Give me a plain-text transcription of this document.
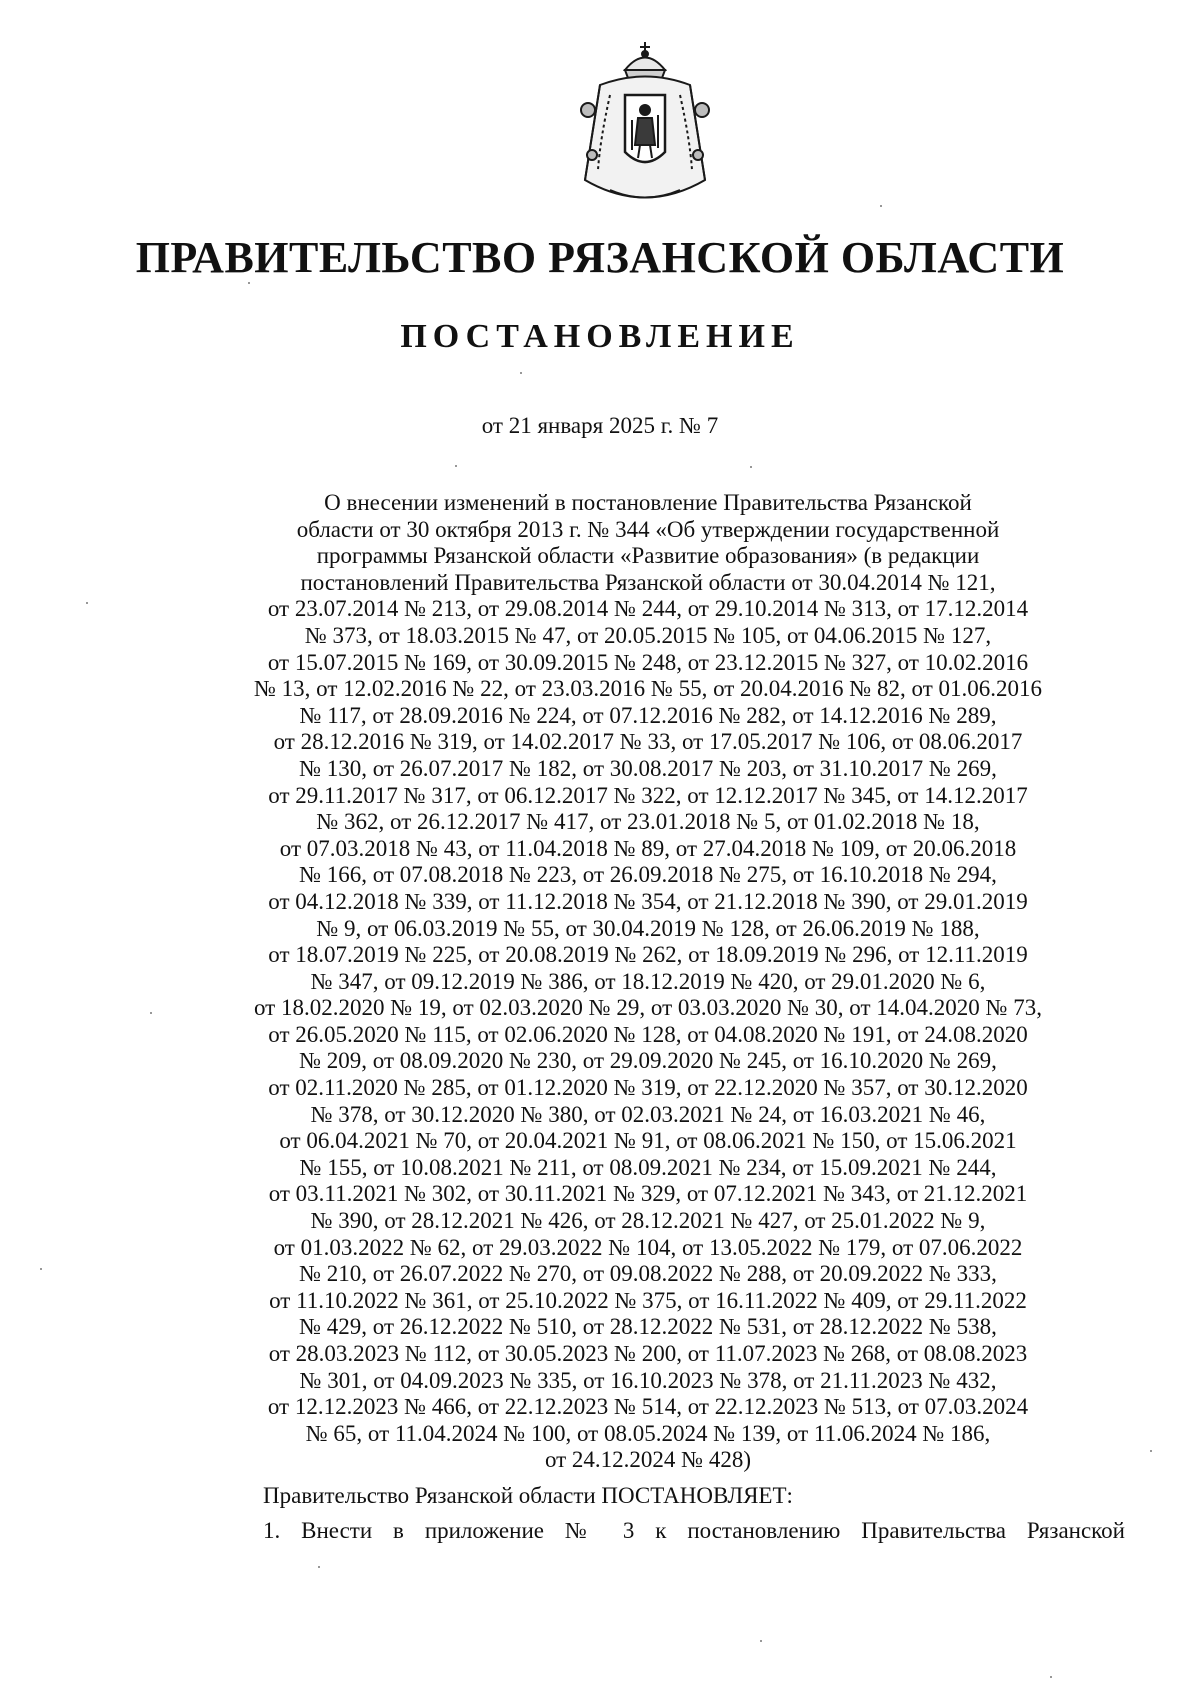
ПРАВИТЕЛЬСТВО РЯЗАНСКОЙ ОБЛАСТИ
ПОСТАНОВЛЕНИЕ
от 21 января 2025 г. № 7
О внесении изменений в постановление Правительства Рязанской
области от 30 октября 2013 г. № 344 «Об утверждении государственной
программы Рязанской области «Развитие образования» (в редакции
постановлений Правительства Рязанской области от 30.04.2014 № 121,
от 23.07.2014 № 213, от 29.08.2014 № 244, от 29.10.2014 № 313, от 17.12.2014
№ 373, от 18.03.2015 № 47, от 20.05.2015 № 105, от 04.06.2015 № 127,
от 15.07.2015 № 169, от 30.09.2015 № 248, от 23.12.2015 № 327, от 10.02.2016
№ 13, от 12.02.2016 № 22, от 23.03.2016 № 55, от 20.04.2016 № 82, от 01.06.2016
№ 117, от 28.09.2016 № 224, от 07.12.2016 № 282, от 14.12.2016 № 289,
от 28.12.2016 № 319, от 14.02.2017 № 33, от 17.05.2017 № 106, от 08.06.2017
№ 130, от 26.07.2017 № 182, от 30.08.2017 № 203, от 31.10.2017 № 269,
от 29.11.2017 № 317, от 06.12.2017 № 322, от 12.12.2017 № 345, от 14.12.2017
№ 362, от 26.12.2017 № 417, от 23.01.2018 № 5, от 01.02.2018 № 18,
от 07.03.2018 № 43, от 11.04.2018 № 89, от 27.04.2018 № 109, от 20.06.2018
№ 166, от 07.08.2018 № 223, от 26.09.2018 № 275, от 16.10.2018 № 294,
от 04.12.2018 № 339, от 11.12.2018 № 354, от 21.12.2018 № 390, от 29.01.2019
№ 9, от 06.03.2019 № 55, от 30.04.2019 № 128, от 26.06.2019 № 188,
от 18.07.2019 № 225, от 20.08.2019 № 262, от 18.09.2019 № 296, от 12.11.2019
№ 347, от 09.12.2019 № 386, от 18.12.2019 № 420, от 29.01.2020 № 6,
от 18.02.2020 № 19, от 02.03.2020 № 29, от 03.03.2020 № 30, от 14.04.2020 № 73,
от 26.05.2020 № 115, от 02.06.2020 № 128, от 04.08.2020 № 191, от 24.08.2020
№ 209, от 08.09.2020 № 230, от 29.09.2020 № 245, от 16.10.2020 № 269,
от 02.11.2020 № 285, от 01.12.2020 № 319, от 22.12.2020 № 357, от 30.12.2020
№ 378, от 30.12.2020 № 380, от 02.03.2021 № 24, от 16.03.2021 № 46,
от 06.04.2021 № 70, от 20.04.2021 № 91, от 08.06.2021 № 150, от 15.06.2021
№ 155, от 10.08.2021 № 211, от 08.09.2021 № 234, от 15.09.2021 № 244,
от 03.11.2021 № 302, от 30.11.2021 № 329, от 07.12.2021 № 343, от 21.12.2021
№ 390, от 28.12.2021 № 426, от 28.12.2021 № 427, от 25.01.2022 № 9,
от 01.03.2022 № 62, от 29.03.2022 № 104, от 13.05.2022 № 179, от 07.06.2022
№ 210, от 26.07.2022 № 270, от 09.08.2022 № 288, от 20.09.2022 № 333,
от 11.10.2022 № 361, от 25.10.2022 № 375, от 16.11.2022 № 409, от 29.11.2022
№ 429, от 26.12.2022 № 510, от 28.12.2022 № 531, от 28.12.2022 № 538,
от 28.03.2023 № 112, от 30.05.2023 № 200, от 11.07.2023 № 268, от 08.08.2023
№ 301, от 04.09.2023 № 335, от 16.10.2023 № 378, от 21.11.2023 № 432,
от 12.12.2023 № 466, от 22.12.2023 № 514, от 22.12.2023 № 513, от 07.03.2024
№ 65, от 11.04.2024 № 100, от 08.05.2024 № 139, от 11.06.2024 № 186,
от 24.12.2024 № 428)
Правительство Рязанской области ПОСТАНОВЛЯЕТ:
1. Внести в приложение № 3 к постановлению Правительства Рязанской
